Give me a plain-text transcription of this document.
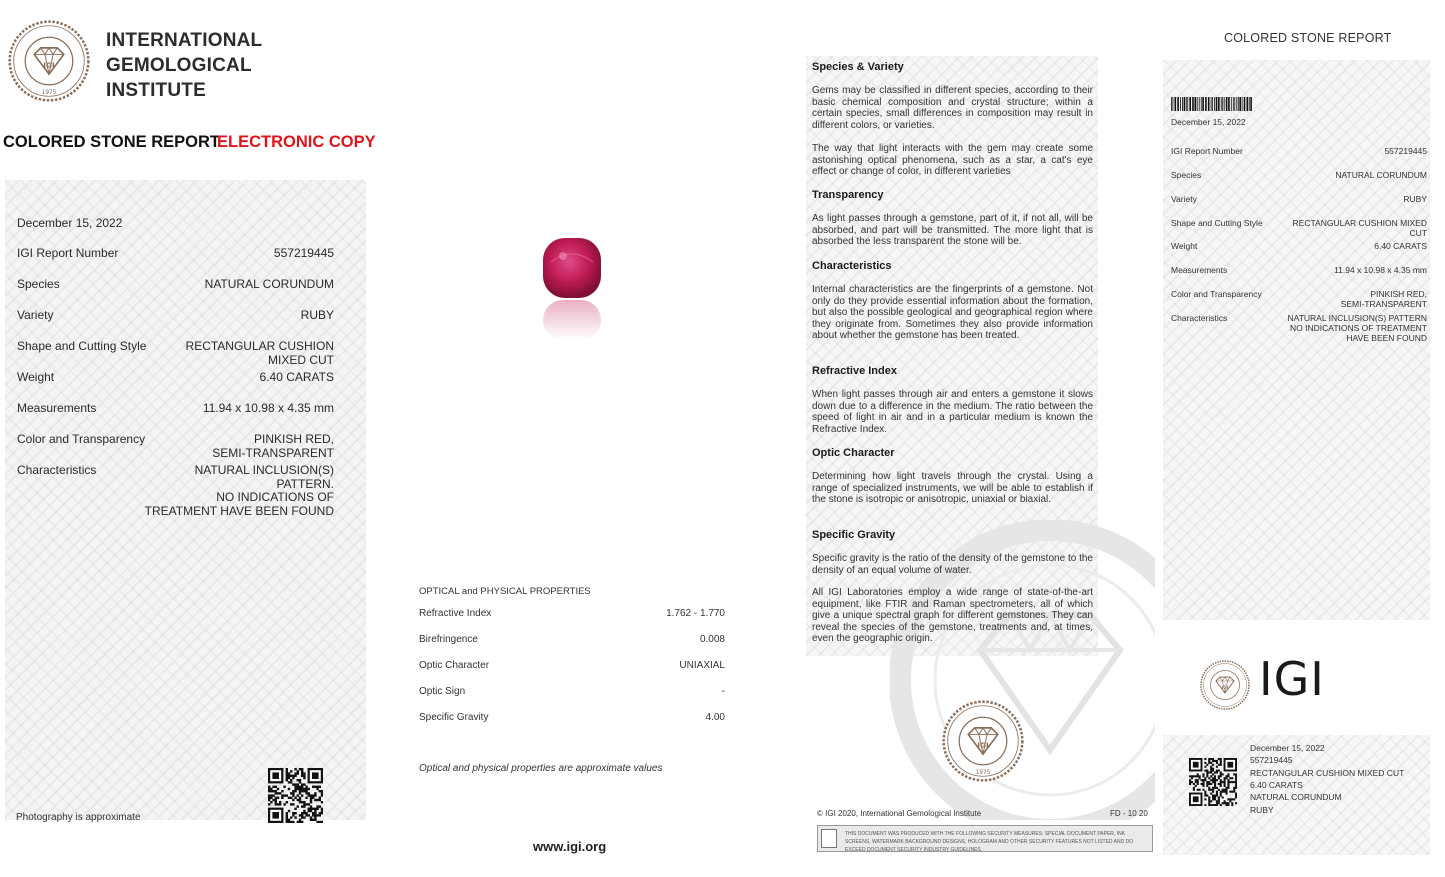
1975
INTERNATIONAL
GEMOLOGICAL
INSTITUTE
COLORED STONE REPORT
ELECTRONIC COPY
December 15, 2022
IGI Report Number	557219445
Species	NATURAL CORUNDUM
Variety	RUBY
Shape and Cutting Style	RECTANGULAR CUSHION
MIXED CUT
Weight	6.40 CARATS
Measurements	11.94 x 10.98 x 4.35 mm
Color and Transparency	PINKISH RED,
SEMI-TRANSPARENT
Characteristics	NATURAL INCLUSION(S)
PATTERN.
NO INDICATIONS OF
TREATMENT HAVE BEEN FOUND
Photography is approximate
OPTICAL and PHYSICAL PROPERTIES
Refractive Index	1.762 - 1.770
Birefringence	0.008
Optic Character	UNIAXIAL
Optic Sign	-
Specific Gravity	4.00
Optical and physical properties are approximate values
www.igi.org
Species & Variety
Gems may be classified in different species, according to their basic chemical composition and crystal structure; within a certain species, small differences in composition may result in different colors, or varieties.
The way that light interacts with the gem may create some astonishing optical phenomena, such as a star, a cat's eye effect or change of color, in different varieties
Transparency
As light passes through a gemstone, part of it, if not all, will be absorbed, and part will be transmitted. The more light that is absorbed the less transparent the stone will be.
Characteristics
Internal characteristics are the fingerprints of a gemstone. Not only do they provide essential information about the formation, but also the possible geological and geographical region where they originate from. Sometimes they also provide information about whether the gemstone has been treated.
Refractive Index
When light passes through air and enters a gemstone it slows down due to a difference in the medium. The ratio between the speed of light in air and in a particular medium is known the Refractive Index.
Optic Character
Determining how light travels through the crystal. Using a range of specialized instruments, we will be able to establish if the stone is isotropic or anisotropic, uniaxial or biaxial.
Specific Gravity
Specific gravity is the ratio of the density of the gemstone to the density of an equal volume of water.
All IGI Laboratories employ a wide range of state-of-the-art equipment, like FTIR and Raman spectrometers, all of which give a unique spectral graph for different gemstones. They can reveal the species of the gemstone, treatments and, at times, even the geographic origin.
1975
© IGI 2020, International Gemological Institute	FD - 10 20
THIS DOCUMENT WAS PRODUCED WITH THE FOLLOWING SECURITY MEASURES: SPECIAL DOCUMENT PAPER, INK SCREENS, WATERMARK BACKGROUND DESIGNS, HOLOGRAM AND OTHER SECURITY FEATURES NOT LISTED AND DO EXCEED DOCUMENT SECURITY INDUSTRY GUIDELINES.
COLORED STONE REPORT
December 15, 2022
IGI Report Number	557219445
Species	NATURAL CORUNDUM
Variety	RUBY
Shape and Cutting Style	RECTANGULAR CUSHION MIXED
CUT
Weight	6.40 CARATS
Measurements	11.94 x 10.98 x 4.35 mm
Color and Transparency	PINKISH RED,
SEMI-TRANSPARENT
Characteristics	NATURAL INCLUSION(S) PATTERN
NO INDICATIONS OF TREATMENT
HAVE BEEN FOUND
IGI
December 15, 2022
557219445
RECTANGULAR CUSHION MIXED CUT
6.40 CARATS
NATURAL CORUNDUM
RUBY
